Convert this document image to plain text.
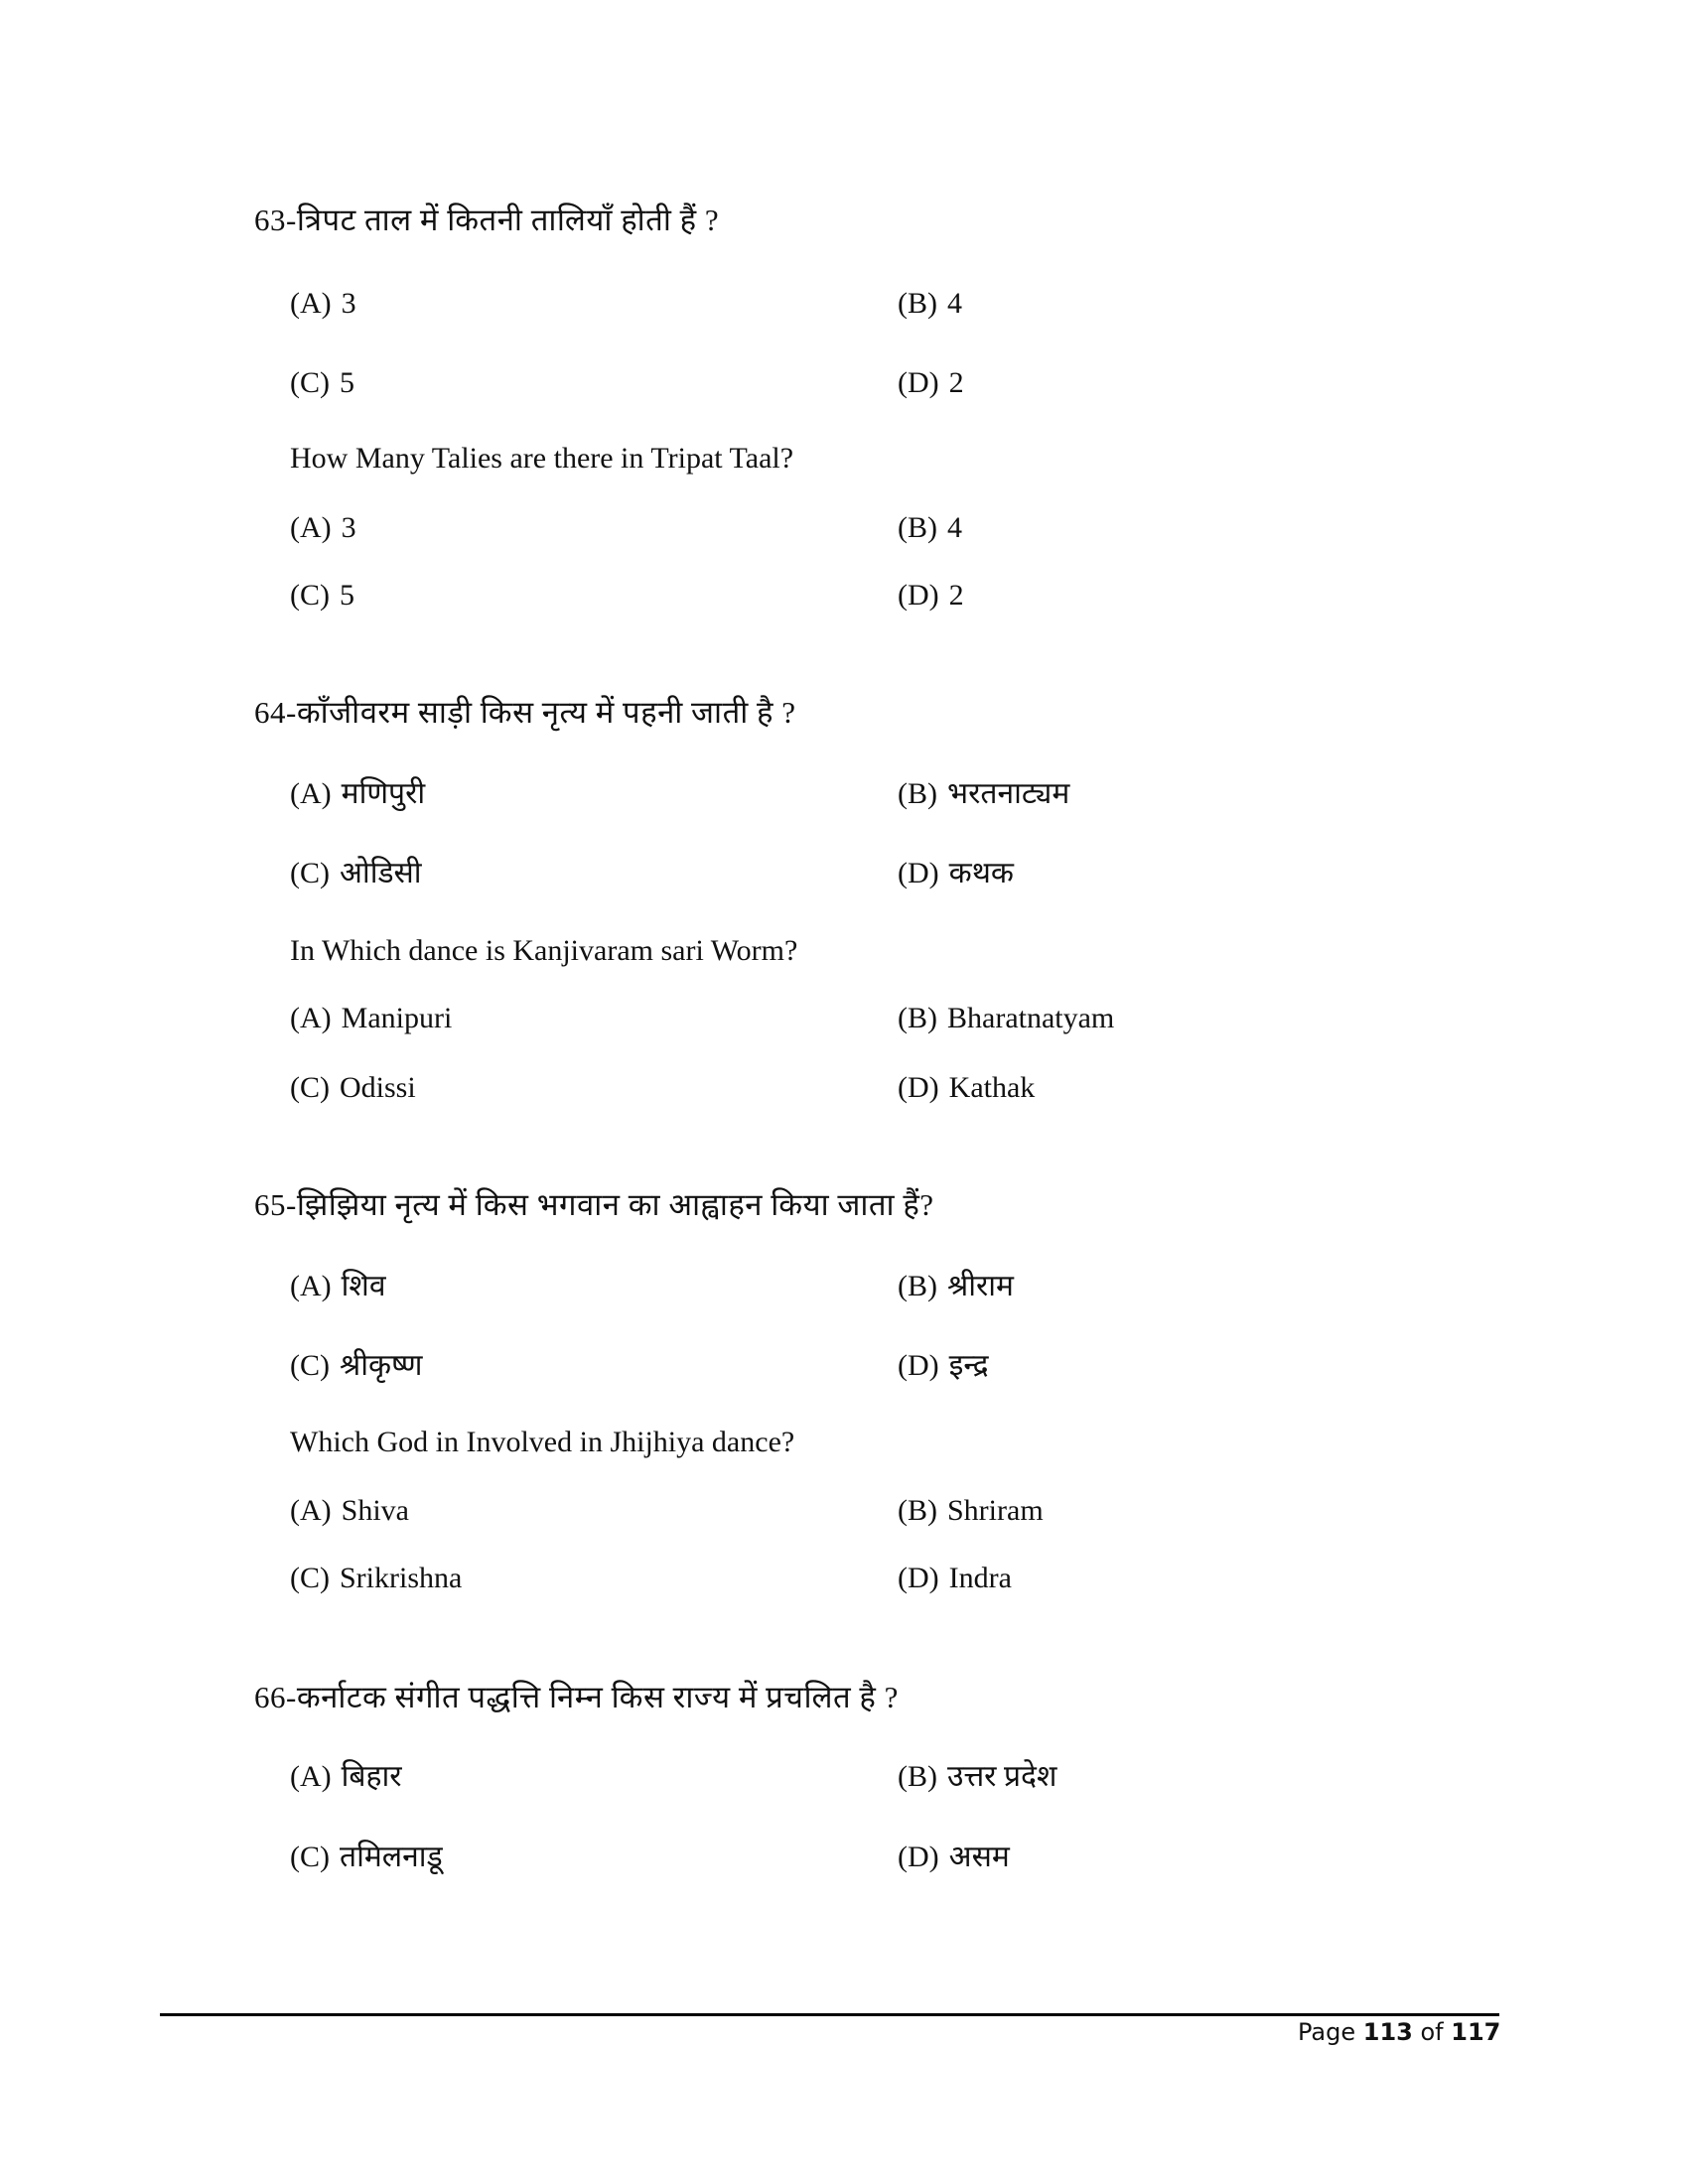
63-त्रिपट ताल में कितनी तालियाँ होती हैं ?
(A) 3	(B) 4
(C) 5	(D) 2
How Many Talies are there in Tripat Taal?
(A) 3	(B) 4
(C) 5	(D) 2
64-काँजीवरम साड़ी किस नृत्य में पहनी जाती है ?
(A) मणिपुरी	(B) भरतनाट्यम
(C) ओडिसी	(D) कथक
In Which dance is Kanjivaram sari Worm?
(A) Manipuri	(B) Bharatnatyam
(C) Odissi	(D) Kathak
65-झिझिया नृत्य में किस भगवान का आह्वाहन किया जाता हैं?
(A) शिव	(B) श्रीराम
(C) श्रीकृष्ण	(D) इन्द्र
Which God in Involved in Jhijhiya dance?
(A) Shiva	(B) Shriram
(C) Srikrishna	(D) Indra
66-कर्नाटक संगीत पद्धत्ति निम्न किस राज्य में प्रचलित है ?
(A) बिहार	(B) उत्तर प्रदेश
(C) तमिलनाडू	(D) असम
Page 113 of 117
